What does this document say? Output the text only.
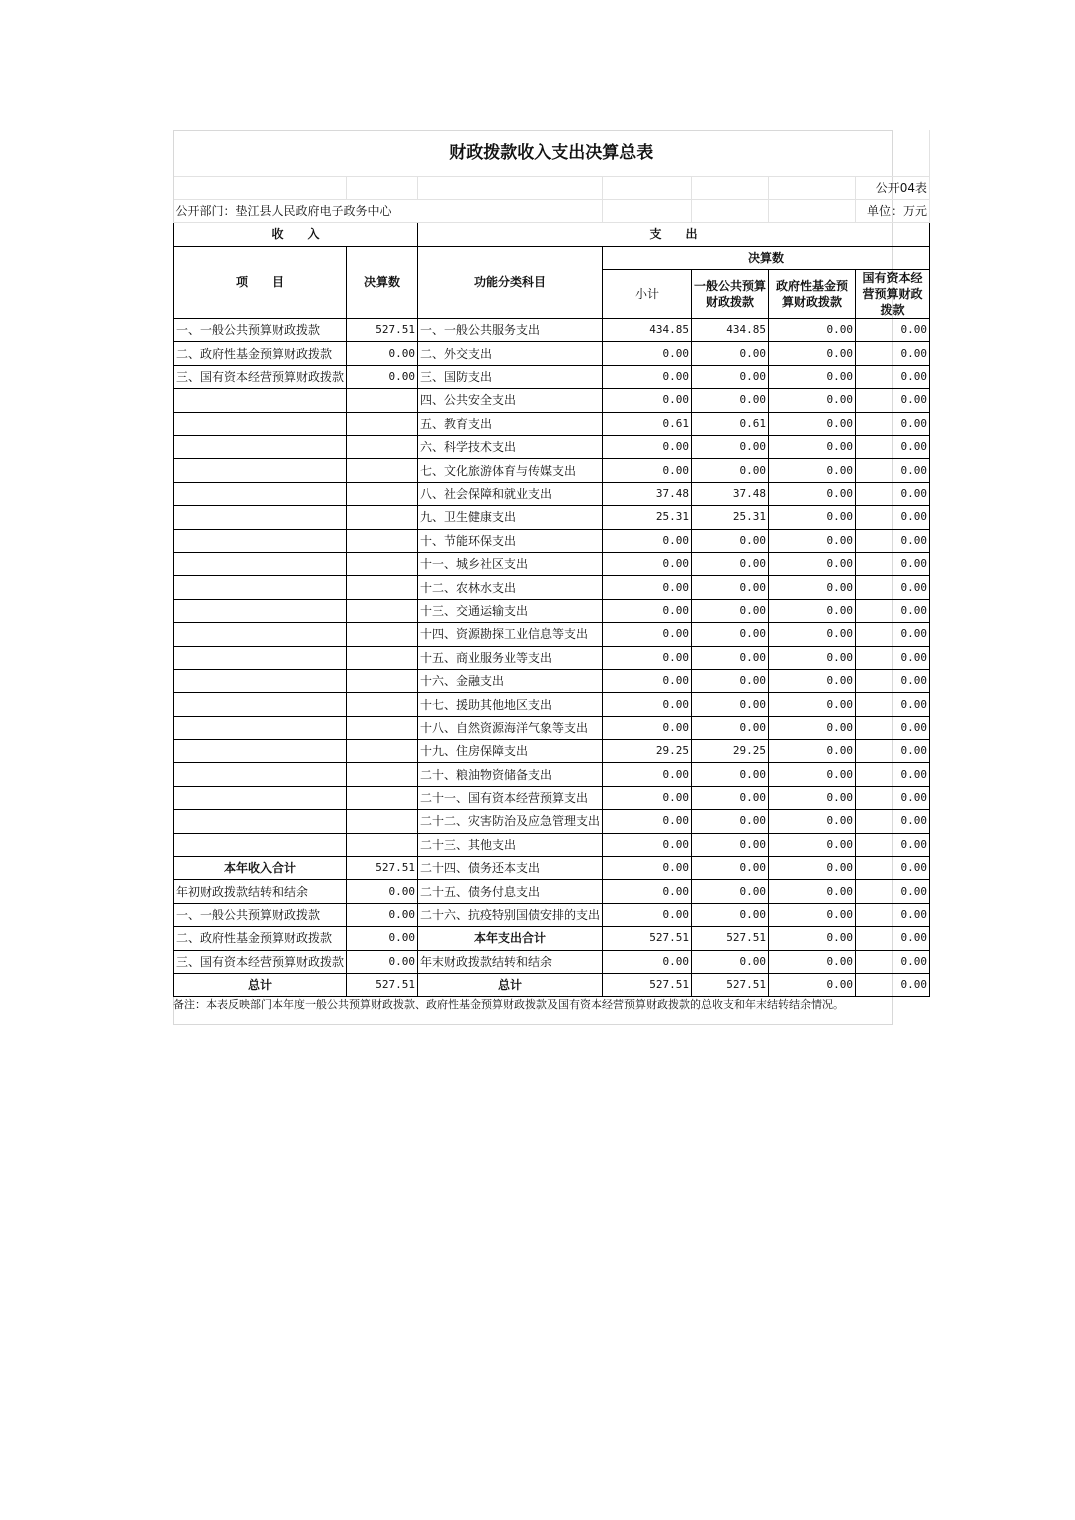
财政拨款收入支出决算总表						
						公开04表
公开部门：垫江县人民政府电子政务中心						单位：万元
收　　入		支　　出				
项　　目	决算数	功能分类科目	决算数			
			小计	一般公共预算财政拨款	政府性基金预算财政拨款	国有资本经营预算财政拨款

一、一般公共预算财政拨款	527.51	一、一般公共服务支出	434.85	434.85	0.00	0.00
二、政府性基金预算财政拨款	0.00	二、外交支出	0.00	0.00	0.00	0.00
三、国有资本经营预算财政拨款	0.00	三、国防支出	0.00	0.00	0.00	0.00
		四、公共安全支出	0.00	0.00	0.00	0.00
		五、教育支出	0.61	0.61	0.00	0.00
		六、科学技术支出	0.00	0.00	0.00	0.00
		七、文化旅游体育与传媒支出	0.00	0.00	0.00	0.00
		八、社会保障和就业支出	37.48	37.48	0.00	0.00
		九、卫生健康支出	25.31	25.31	0.00	0.00
		十、节能环保支出	0.00	0.00	0.00	0.00
		十一、城乡社区支出	0.00	0.00	0.00	0.00
		十二、农林水支出	0.00	0.00	0.00	0.00
		十三、交通运输支出	0.00	0.00	0.00	0.00
		十四、资源勘探工业信息等支出	0.00	0.00	0.00	0.00
		十五、商业服务业等支出	0.00	0.00	0.00	0.00
		十六、金融支出	0.00	0.00	0.00	0.00
		十七、援助其他地区支出	0.00	0.00	0.00	0.00
		十八、自然资源海洋气象等支出	0.00	0.00	0.00	0.00
		十九、住房保障支出	29.25	29.25	0.00	0.00
		二十、粮油物资储备支出	0.00	0.00	0.00	0.00
		二十一、国有资本经营预算支出	0.00	0.00	0.00	0.00
		二十二、灾害防治及应急管理支出	0.00	0.00	0.00	0.00
		二十三、其他支出	0.00	0.00	0.00	0.00
本年收入合计	527.51	二十四、债务还本支出	0.00	0.00	0.00	0.00
年初财政拨款结转和结余	0.00	二十五、债务付息支出	0.00	0.00	0.00	0.00
一、一般公共预算财政拨款	0.00	二十六、抗疫特别国债安排的支出	0.00	0.00	0.00	0.00
二、政府性基金预算财政拨款	0.00	本年支出合计	527.51	527.51	0.00	0.00
三、国有资本经营预算财政拨款	0.00	年末财政拨款结转和结余	0.00	0.00	0.00	0.00
总计	527.51	总计	527.51	527.51	0.00	0.00
备注：本表反映部门本年度一般公共预算财政拨款、政府性基金预算财政拨款及国有资本经营预算财政拨款的总收支和年末结转结余情况。
